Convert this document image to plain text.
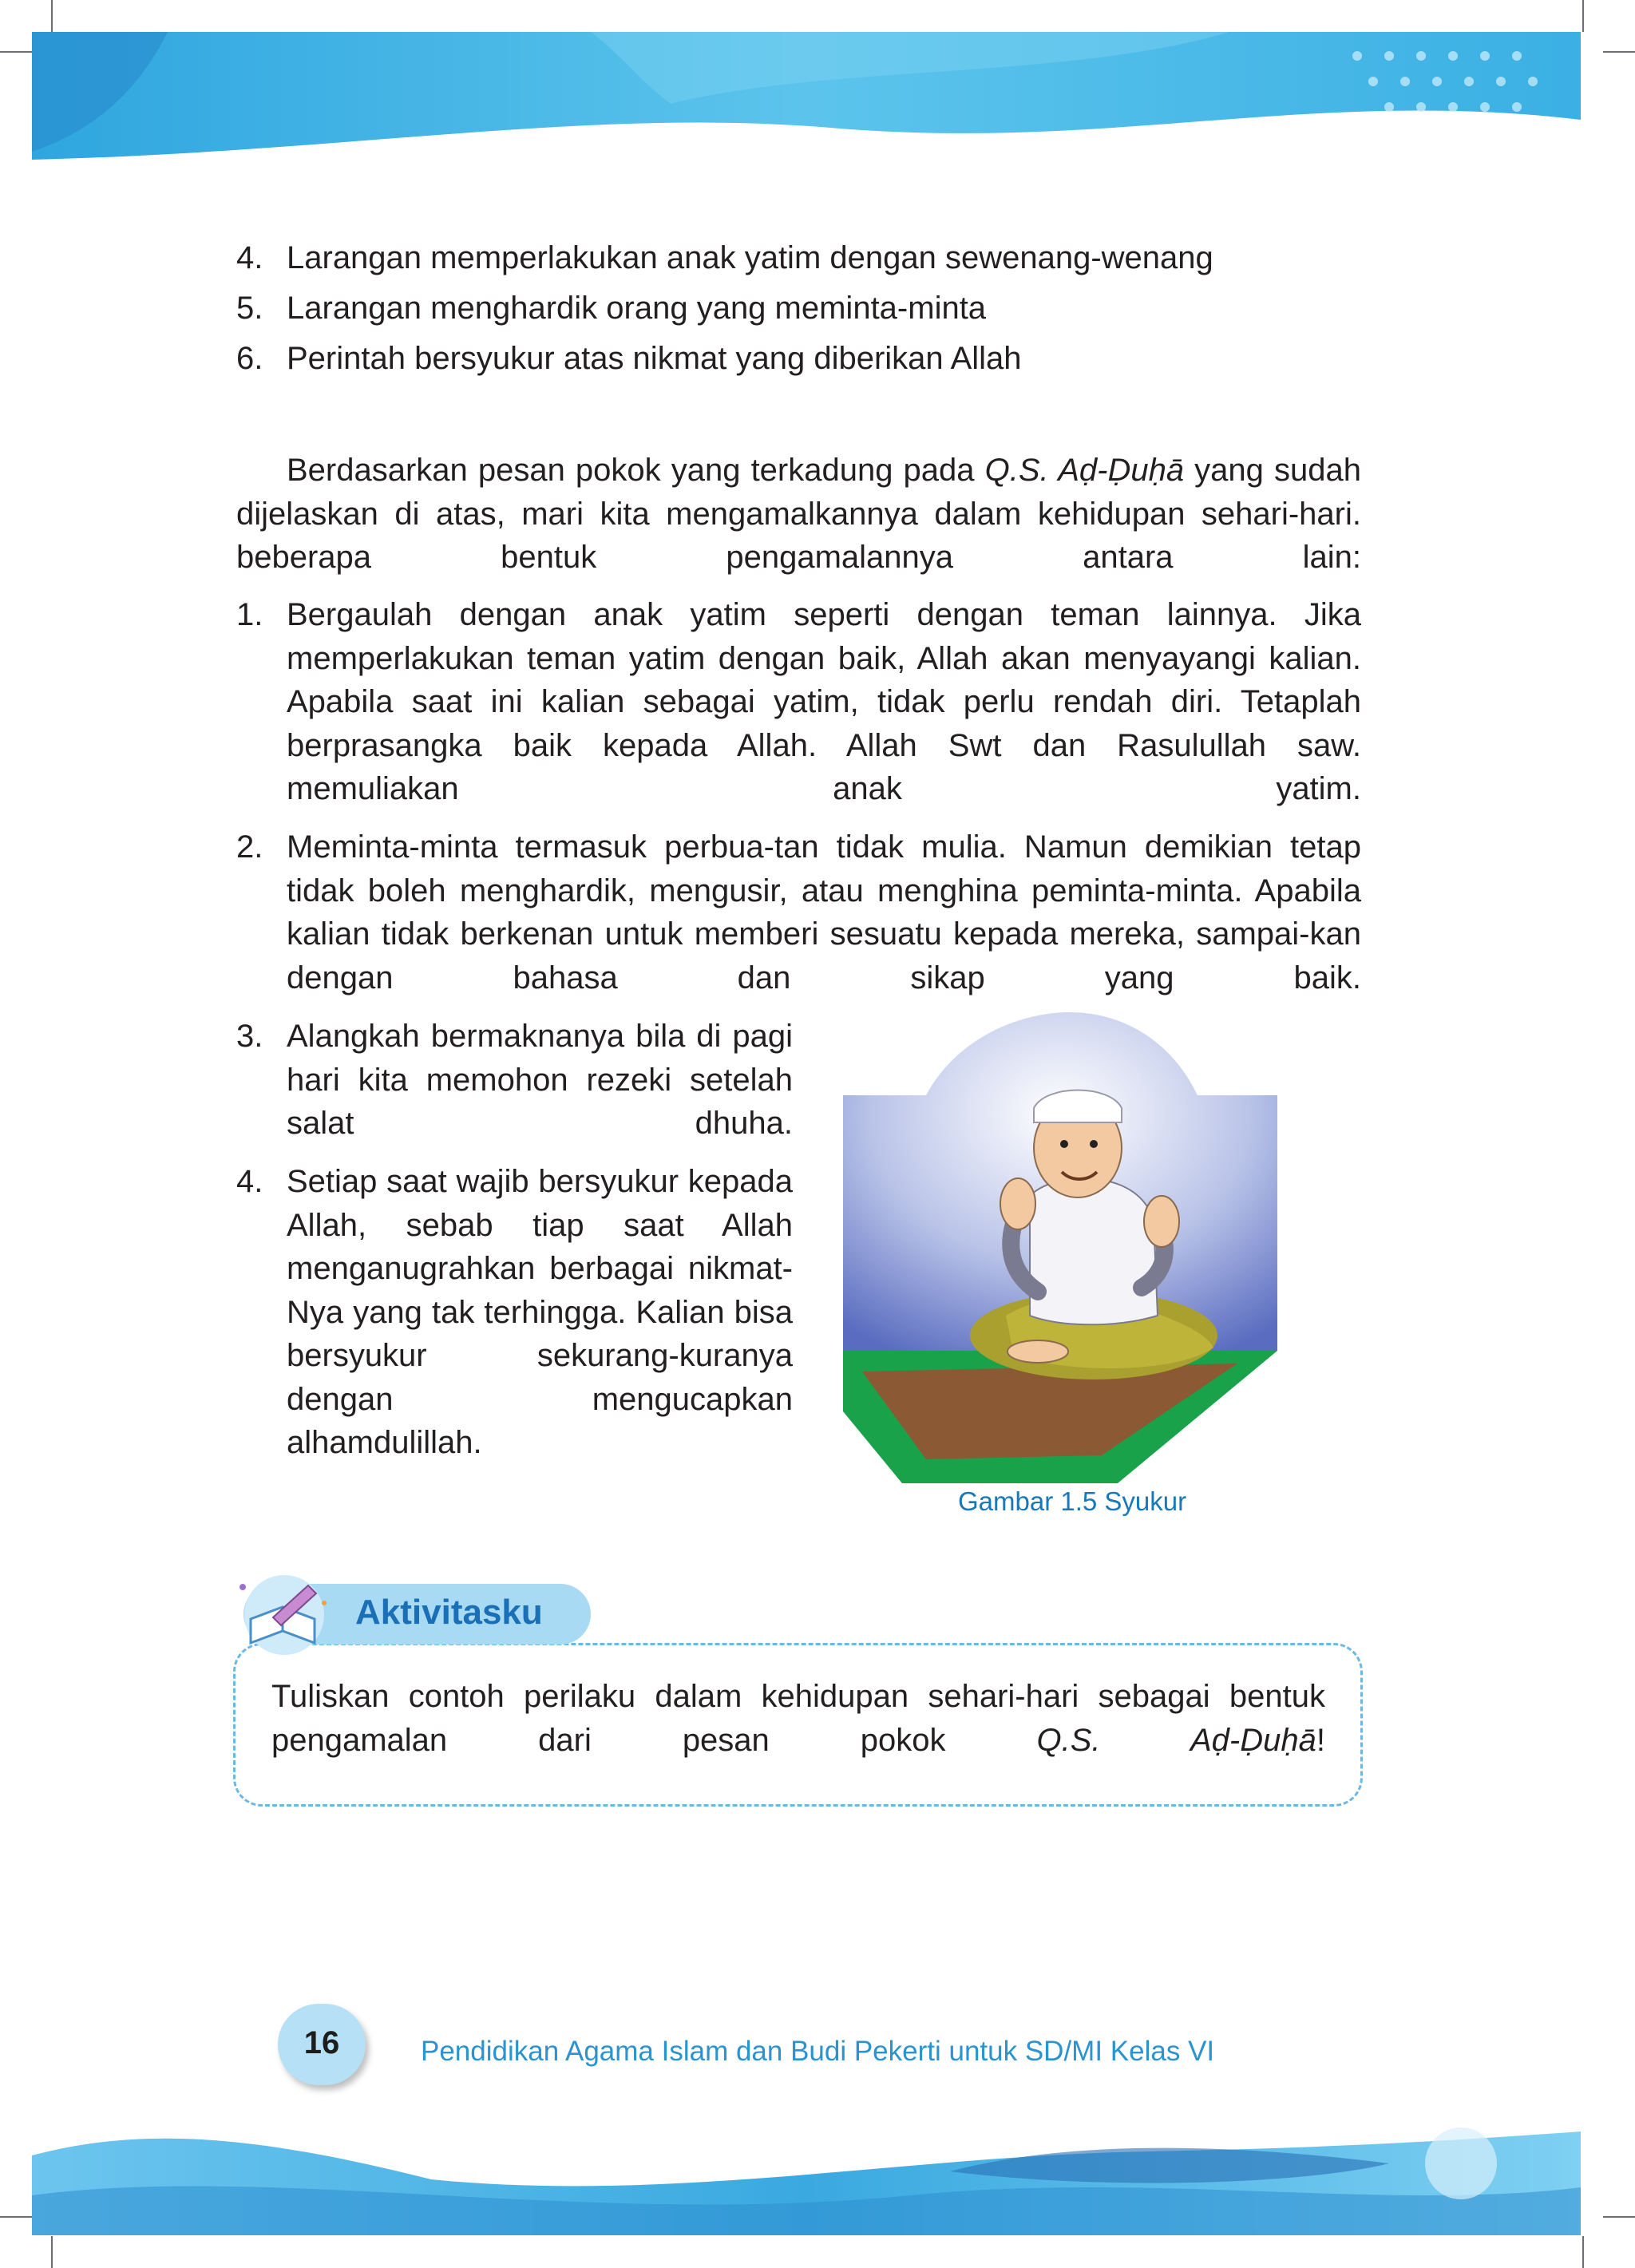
4. Larangan memperlakukan anak yatim dengan sewenang-wenang
5. Larangan menghardik orang yang meminta-minta
6. Perintah bersyukur atas nikmat yang diberikan Allah
Berdasarkan pesan pokok yang terkadung pada Q.S. Aḍ-Ḍuḥā yang sudah dijelaskan di atas, mari kita mengamalkannya dalam kehidupan sehari-hari. beberapa bentuk pengamalannya antara lain:
1. Bergaulah dengan anak yatim seperti dengan teman lainnya. Jika memperlakukan teman yatim dengan baik, Allah akan menyayangi kalian. Apabila saat ini kalian sebagai yatim, tidak perlu rendah diri. Tetaplah berprasangka baik kepada Allah. Allah Swt dan Rasulullah saw. memuliakan anak yatim.
2. Meminta-minta termasuk perbua-tan tidak mulia. Namun demikian tetap tidak boleh menghardik, mengusir, atau menghina peminta-minta. Apabila kalian tidak berkenan untuk memberi sesuatu kepada mereka, sampai-kan dengan bahasa dan sikap yang baik.
3. Alangkah bermaknanya bila di pagi hari kita memohon rezeki setelah salat dhuha.
4. Setiap saat wajib bersyukur kepada Allah, sebab tiap saat Allah menganugrahkan berbagai nikmat-Nya yang tak terhingga. Kalian bisa bersyukur sekurang-kuranya dengan mengucapkan alhamdulillah.
Gambar 1.5 Syukur
Aktivitasku
Tuliskan contoh perilaku dalam kehidupan sehari-hari sebagai bentuk pengamalan dari pesan pokok Q.S. Aḍ-Ḍuḥā!
16	Pendidikan Agama Islam dan Budi Pekerti untuk SD/MI Kelas VI
